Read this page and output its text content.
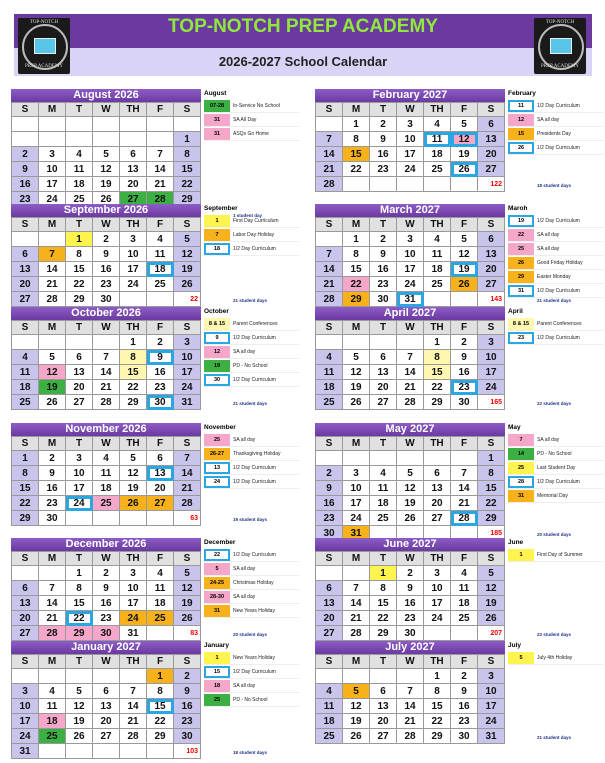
TOP-NOTCH PREP ACADEMY
2026-2027 School Calendar
TOP-NOTCH
PREP ACADEMY
TOP-NOTCH
PREP ACADEMY
August 2026
S	M	T	W	TH	F	S

						1
2	3	4	5	6	7	8
9	10	11	12	13	14	15
16	17	18	19	20	21	22
23	24	25	26	27	28	29

August
07-28	In-Service No School
31	SA All Day
31	ASQs Go Home
1 student day
February 2027
S	M	T	W	TH	F	S
	1	2	3	4	5	6
7	8	9	10	11	12	13
14	15	16	17	18	19	20
21	22	23	24	25	26	27
28						122
February
11	1/2 Day Curriculum
12	SA all day
15	Presidents Day
26	1/2 Day Curriculum
18 student days
September 2026
S	M	T	W	TH	F	S
		1	2	3	4	5
6	7	8	9	10	11	12
13	14	15	16	17	18	19
20	21	22	23	24	25	26
27	28	29	30			22
September
1	First Day Curriculum
7	Labor Day Holiday
18	1/2 Day Curriculum
21 student days
March 2027
S	M	T	W	TH	F	S
	1	2	3	4	5	6
7	8	9	10	11	12	13
14	15	16	17	18	19	20
21	22	23	24	25	26	27
28	29	30	31			143
Maroh
19	1/2 Day Curriculum
22	SA all day
25	SA all day
26	Good Friday Holiday
29	Easter Monday
31	1/2 Day Curriculum
21 student days
October 2026
S	M	T	W	TH	F	S
				1	2	3
4	5	6	7	8	9	10
11	12	13	14	15	16	17
18	19	20	21	22	23	24
25	26	27	28	29	30	31
October
8 & 15	Parent Conferences
9	1/2 Day Curriculum
12	SA all day
19	PD - No School
30	1/2 Day Curriculum
21 student days
April 2027
S	M	T	W	TH	F	S
				1	2	3
4	5	6	7	8	9	10
11	12	13	14	15	16	17
18	19	20	21	22	23	24
25	26	27	28	29	30	165
April
8 & 15	Parent Conferences
23	1/2 Day Curriculum
22 student days
November 2026
S	M	T	W	TH	F	S
1	2	3	4	5	6	7
8	9	10	11	12	13	14
15	16	17	18	19	20	21
22	23	24	25	26	27	28
29	30					63
November
25	SA all day
26-27	Thanksgiving Holiday
13	1/2 Day Curriculum
24	1/2 Day Curriculum
19 student days
May 2027
S	M	T	W	TH	F	S
						1
2	3	4	5	6	7	8
9	10	11	12	13	14	15
16	17	18	19	20	21	22
23	24	25	26	27	28	29
30	31					185
May
7	SA all day
14	PD - No School
25	Last Student Day
28	1/2 Day Curriculum
31	Memorial Day
20 student days
December 2026
S	M	T	W	TH	F	S
		1	2	3	4	5
6	7	8	9	10	11	12
13	14	15	16	17	18	19
20	21	22	23	24	25	26
27	28	29	30	31		83
December
22	1/2 Day Curriculum
5	SA all day
24-25	Christmas Holiday
28-30	SA all day
31	New Years Holiday
20 student days
June 2027
S	M	T	W	TH	F	S
		1	2	3	4	5
6	7	8	9	10	11	12
13	14	15	16	17	18	19
20	21	22	23	24	25	26
27	28	29	30			207
June
1	First Day of Summer
22 student days
January 2027
S	M	T	W	TH	F	S
					1	2
3	4	5	6	7	8	9
10	11	12	13	14	15	16
17	18	19	20	21	22	23
24	25	26	27	28	29	30
31						103
January
1	New Years Holiday
15	1/2 Day Curriculum
18	SA all day
25	PD - No School
18 student days
July 2027
S	M	T	W	TH	F	S
				1	2	3
4	5	6	7	8	9	10
11	12	13	14	15	16	17
18	19	20	21	22	23	24
25	26	27	28	29	30	31
July
5	July 4th Holiday
21 student days
